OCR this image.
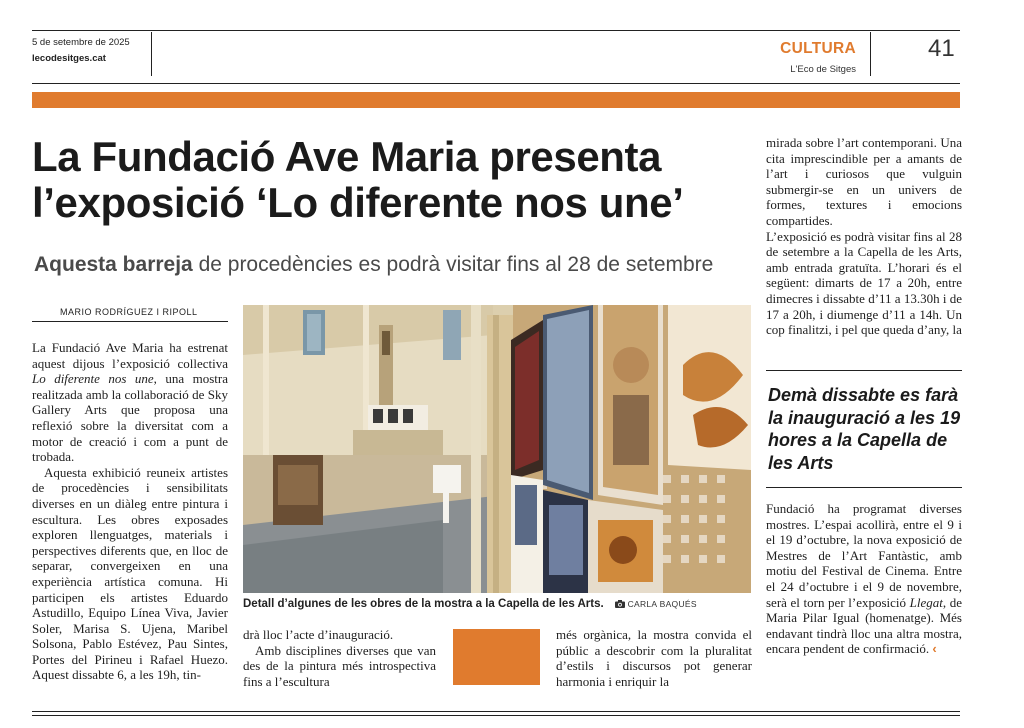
5 de setembre de 2025
lecodesitges.cat
CULTURA
L'Eco de Sitges
41
La Fundació Ave Maria presenta l’exposició ‘Lo diferente nos une’
Aquesta barreja de procedències es podrà visitar fins al 28 de setembre
MARIO RODRÍGUEZ I RIPOLL

La Fundació Ave Maria ha estrenat aquest dijous l’exposició collectiva Lo diferente nos une, una mostra realitzada amb la collaboració de Sky Gallery Arts que proposa una reflexió sobre la diversitat com a motor de creació i com a punt de trobada.

Aquesta exhibició reuneix artistes de procedències i sensibilitats diverses en un diàleg entre pintura i escultura. Les obres exposades exploren llenguatges, materials i perspectives diferents que, en lloc de separar, convergeixen en una experiència artística comuna. Hi participen els artistes Eduardo Astudillo, Equipo Línea Viva, Javier Soler, Marisa S. Ujena, Maribel Solsona, Pablo Estévez, Pau Sintes, Portes del Pirineu i Rafael Huezo. Aquest dissabte 6, a les 19h, tin-

Detall d’algunes de les obres de la mostra a la Capella de les Arts.	CARLA BAQUÉS

drà lloc l’acte d’inauguració.

Amb disciplines diverses que van des de la pintura més introspectiva fins a l’escultura

més orgànica, la mostra convida el públic a descobrir com la pluralitat d’estils i discursos pot generar harmonia i enriquir la

mirada sobre l’art contemporani. Una cita imprescindible per a amants de l’art i curiosos que vulguin submergir-se en un univers de formes, textures i emocions compartides.

L’exposició es podrà visitar fins al 28 de setembre a la Capella de les Arts, amb entrada gratuïta. L’horari és el següent: dimarts de 17 a 20h, entre dimecres i dissabte d’11 a 13.30h i de 17 a 20h, i diumenge d’11 a 14h. Un cop finalitzi, i pel que queda d’any, la

Demà dissabte es farà la inauguració a les 19 hores a la Capella de les Arts

Fundació ha programat diverses mostres. L’espai acollirà, entre el 9 i el 19 d’octubre, la nova exposició de Mestres de l’Art Fantàstic, amb motiu del Festival de Cinema. Entre el 24 d’octubre i el 9 de novembre, serà el torn per l’exposició Llegat, de Maria Pilar Igual (homenatge). Més endavant tindrà lloc una altra mostra, encara pendent de confirmació. ‹
